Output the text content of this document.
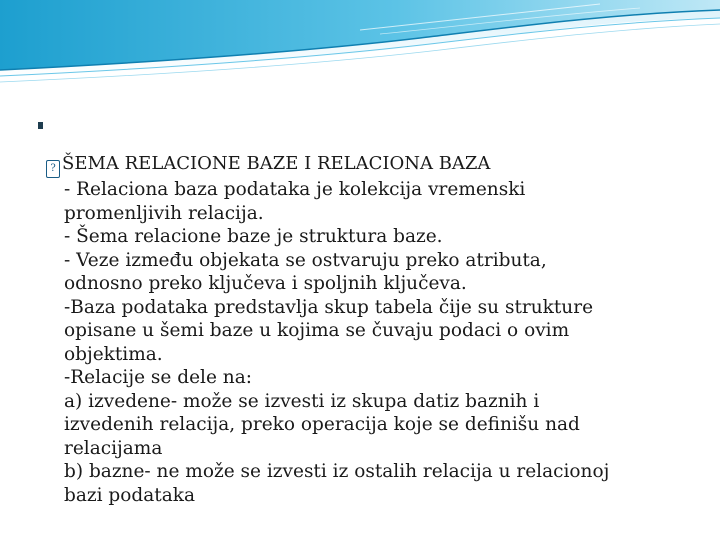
? ŠEMA RELACIONE BAZE I RELACIONA BAZA

- Relaciona baza podataka je kolekcija vremenski
promenljivih relacija.
- Šema relacione baze je struktura baze.
- Veze između objekata se ostvaruju preko atributa,
odnosno preko ključeva i spoljnih ključeva.
-Baza podataka predstavlja skup tabela čije su strukture
opisane u šemi baze u kojima se čuvaju podaci o ovim
objektima.
-Relacije se dele na:
a) izvedene- može se izvesti iz skupa datiz baznih i
izvedenih relacija, preko operacija koje se definišu nad
relacijama
b) bazne- ne može se izvesti iz ostalih relacija u relacionoj
bazi podataka
